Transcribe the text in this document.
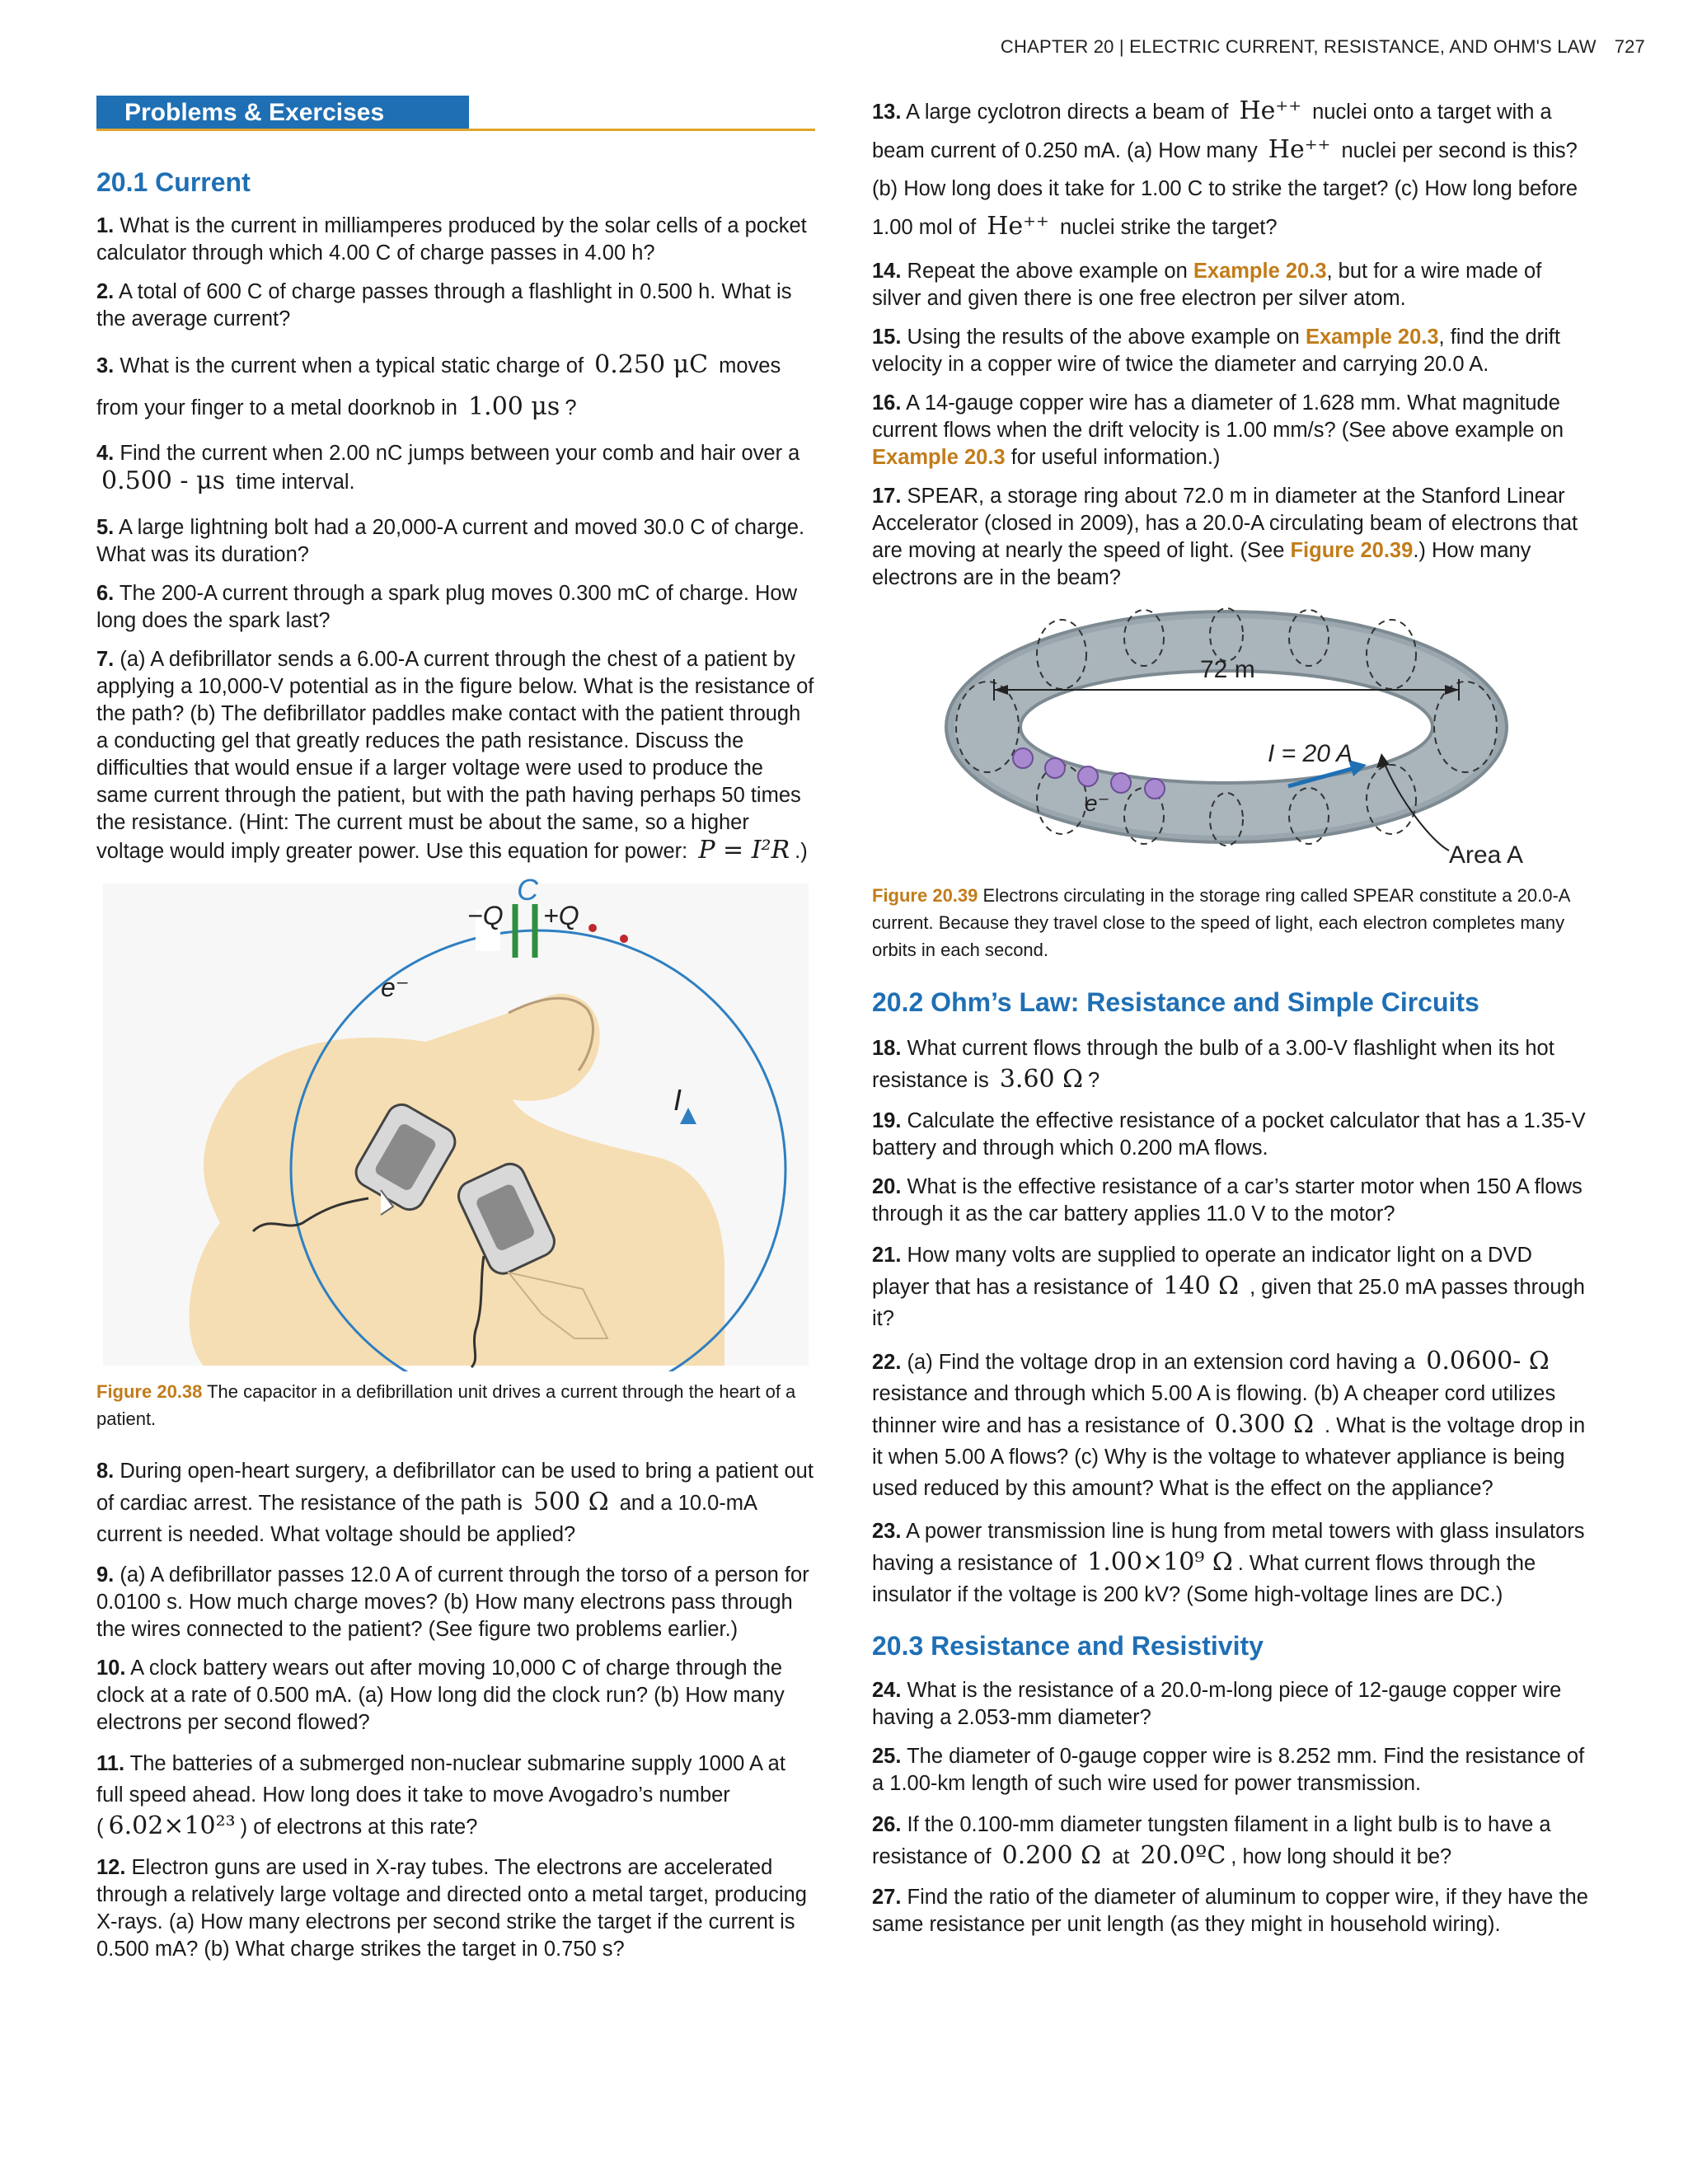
CHAPTER 20 | ELECTRIC CURRENT, RESISTANCE, AND OHM'S LAW 727
Problems & Exercises
20.1 Current

1. What is the current in milliamperes produced by the solar cells of a pocket calculator through which 4.00 C of charge passes in 4.00 h?

2. A total of 600 C of charge passes through a flashlight in 0.500 h. What is the average current?

3. What is the current when a typical static charge of 0.250 μC moves from your finger to a metal doorknob in 1.00 μs ?

4. Find the current when 2.00 nC jumps between your comb and hair over a 0.500 - μs time interval.

5. A large lightning bolt had a 20,000-A current and moved 30.0 C of charge. What was its duration?

6. The 200-A current through a spark plug moves 0.300 mC of charge. How long does the spark last?

7. (a) A defibrillator sends a 6.00-A current through the chest of a patient by applying a 10,000-V potential as in the figure below. What is the resistance of the path? (b) The defibrillator paddles make contact with the patient through a conducting gel that greatly reduces the path resistance. Discuss the difficulties that would ensue if a larger voltage were used to produce the same current through the patient, but with the path having perhaps 50 times the resistance. (Hint: The current must be about the same, so a higher voltage would imply greater power. Use this equation for power: P = I²R .)

C
−Q +Q
e⁻
I

Figure 20.38 The capacitor in a defibrillation unit drives a current through the heart of a patient.

8. During open-heart surgery, a defibrillator can be used to bring a patient out of cardiac arrest. The resistance of the path is 500 Ω and a 10.0-mA current is needed. What voltage should be applied?

9. (a) A defibrillator passes 12.0 A of current through the torso of a person for 0.0100 s. How much charge moves? (b) How many electrons pass through the wires connected to the patient? (See figure two problems earlier.)

10. A clock battery wears out after moving 10,000 C of charge through the clock at a rate of 0.500 mA. (a) How long did the clock run? (b) How many electrons per second flowed?

11. The batteries of a submerged non-nuclear submarine supply 1000 A at full speed ahead. How long does it take to move Avogadro’s number ( 6.02×10²³ ) of electrons at this rate?

12. Electron guns are used in X-ray tubes. The electrons are accelerated through a relatively large voltage and directed onto a metal target, producing X-rays. (a) How many electrons per second strike the target if the current is 0.500 mA? (b) What charge strikes the target in 0.750 s?

13. A large cyclotron directs a beam of He⁺⁺ nuclei onto a target with a beam current of 0.250 mA. (a) How many He⁺⁺ nuclei per second is this? (b) How long does it take for 1.00 C to strike the target? (c) How long before 1.00 mol of He⁺⁺ nuclei strike the target?

14. Repeat the above example on Example 20.3, but for a wire made of silver and given there is one free electron per silver atom.

15. Using the results of the above example on Example 20.3, find the drift velocity in a copper wire of twice the diameter and carrying 20.0 A.

16. A 14-gauge copper wire has a diameter of 1.628 mm. What magnitude current flows when the drift velocity is 1.00 mm/s? (See above example on Example 20.3 for useful information.)

17. SPEAR, a storage ring about 72.0 m in diameter at the Stanford Linear Accelerator (closed in 2009), has a 20.0-A circulating beam of electrons that are moving at nearly the speed of light. (See Figure 20.39.) How many electrons are in the beam?

72 m
e⁻
I = 20 A
Area A

Figure 20.39 Electrons circulating in the storage ring called SPEAR constitute a 20.0-A current. Because they travel close to the speed of light, each electron completes many orbits in each second.

20.2 Ohm’s Law: Resistance and Simple Circuits

18. What current flows through the bulb of a 3.00-V flashlight when its hot resistance is 3.60 Ω ?

19. Calculate the effective resistance of a pocket calculator that has a 1.35-V battery and through which 0.200 mA flows.

20. What is the effective resistance of a car’s starter motor when 150 A flows through it as the car battery applies 11.0 V to the motor?

21. How many volts are supplied to operate an indicator light on a DVD player that has a resistance of 140 Ω , given that 25.0 mA passes through it?

22. (a) Find the voltage drop in an extension cord having a 0.0600- Ω resistance and through which 5.00 A is flowing. (b) A cheaper cord utilizes thinner wire and has a resistance of 0.300 Ω . What is the voltage drop in it when 5.00 A flows? (c) Why is the voltage to whatever appliance is being used reduced by this amount? What is the effect on the appliance?

23. A power transmission line is hung from metal towers with glass insulators having a resistance of 1.00×10⁹ Ω . What current flows through the insulator if the voltage is 200 kV? (Some high-voltage lines are DC.)

20.3 Resistance and Resistivity

24. What is the resistance of a 20.0-m-long piece of 12-gauge copper wire having a 2.053-mm diameter?

25. The diameter of 0-gauge copper wire is 8.252 mm. Find the resistance of a 1.00-km length of such wire used for power transmission.

26. If the 0.100-mm diameter tungsten filament in a light bulb is to have a resistance of 0.200 Ω at 20.0ºC , how long should it be?

27. Find the ratio of the diameter of aluminum to copper wire, if they have the same resistance per unit length (as they might in household wiring).
